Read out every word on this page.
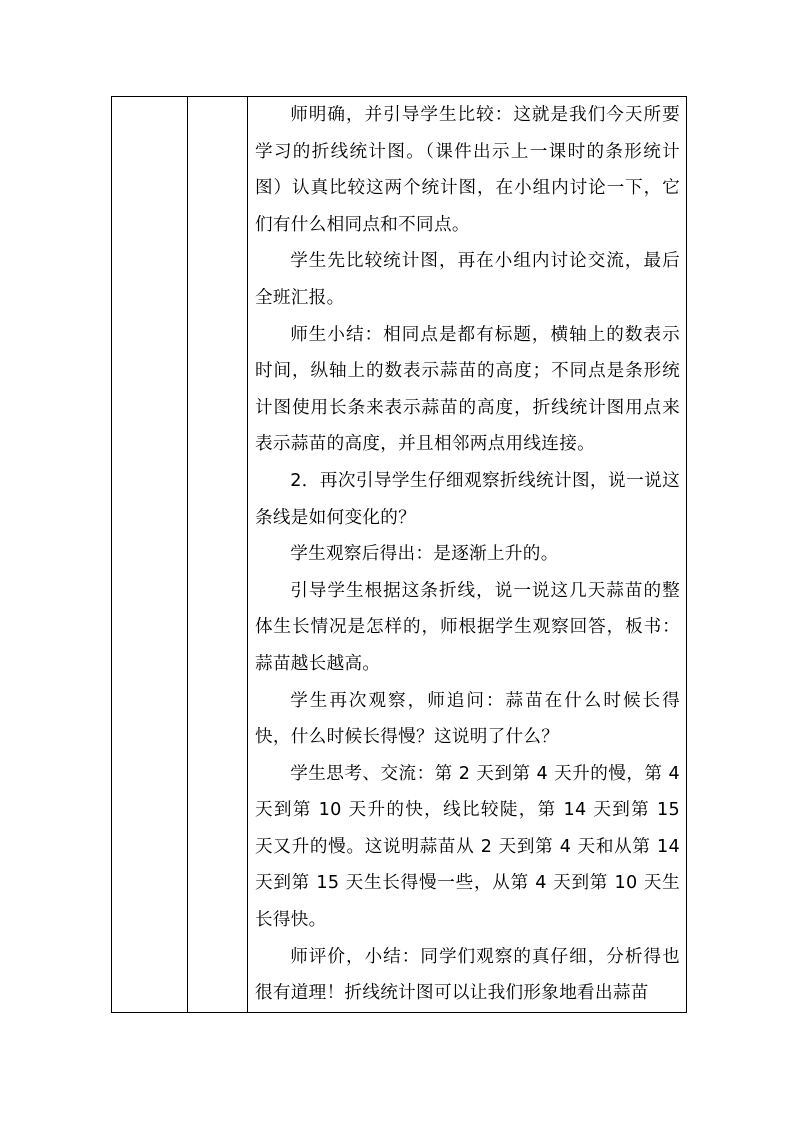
师明确，并引导学生比较：这就是我们今天所要学习的折线统计图。（课件出示上一课时的条形统计图）认真比较这两个统计图，在小组内讨论一下，它们有什么相同点和不同点。

学生先比较统计图，再在小组内讨论交流，最后全班汇报。

师生小结：相同点是都有标题，横轴上的数表示时间，纵轴上的数表示蒜苗的高度；不同点是条形统计图使用长条来表示蒜苗的高度，折线统计图用点来表示蒜苗的高度，并且相邻两点用线连接。

2．再次引导学生仔细观察折线统计图，说一说这条线是如何变化的？

学生观察后得出：是逐渐上升的。

引导学生根据这条折线，说一说这几天蒜苗的整体生长情况是怎样的，师根据学生观察回答，板书：蒜苗越长越高。

学生再次观察，师追问：蒜苗在什么时候长得快，什么时候长得慢？这说明了什么？

学生思考、交流：第 2 天到第 4 天升的慢，第 4 天到第 10 天升的快，线比较陡，第 14 天到第 15 天又升的慢。这说明蒜苗从 2 天到第 4 天和从第 14 天到第 15 天生长得慢一些，从第 4 天到第 10 天生长得快。

师评价，小结：同学们观察的真仔细，分析得也很有道理！折线统计图可以让我们形象地看出蒜苗
